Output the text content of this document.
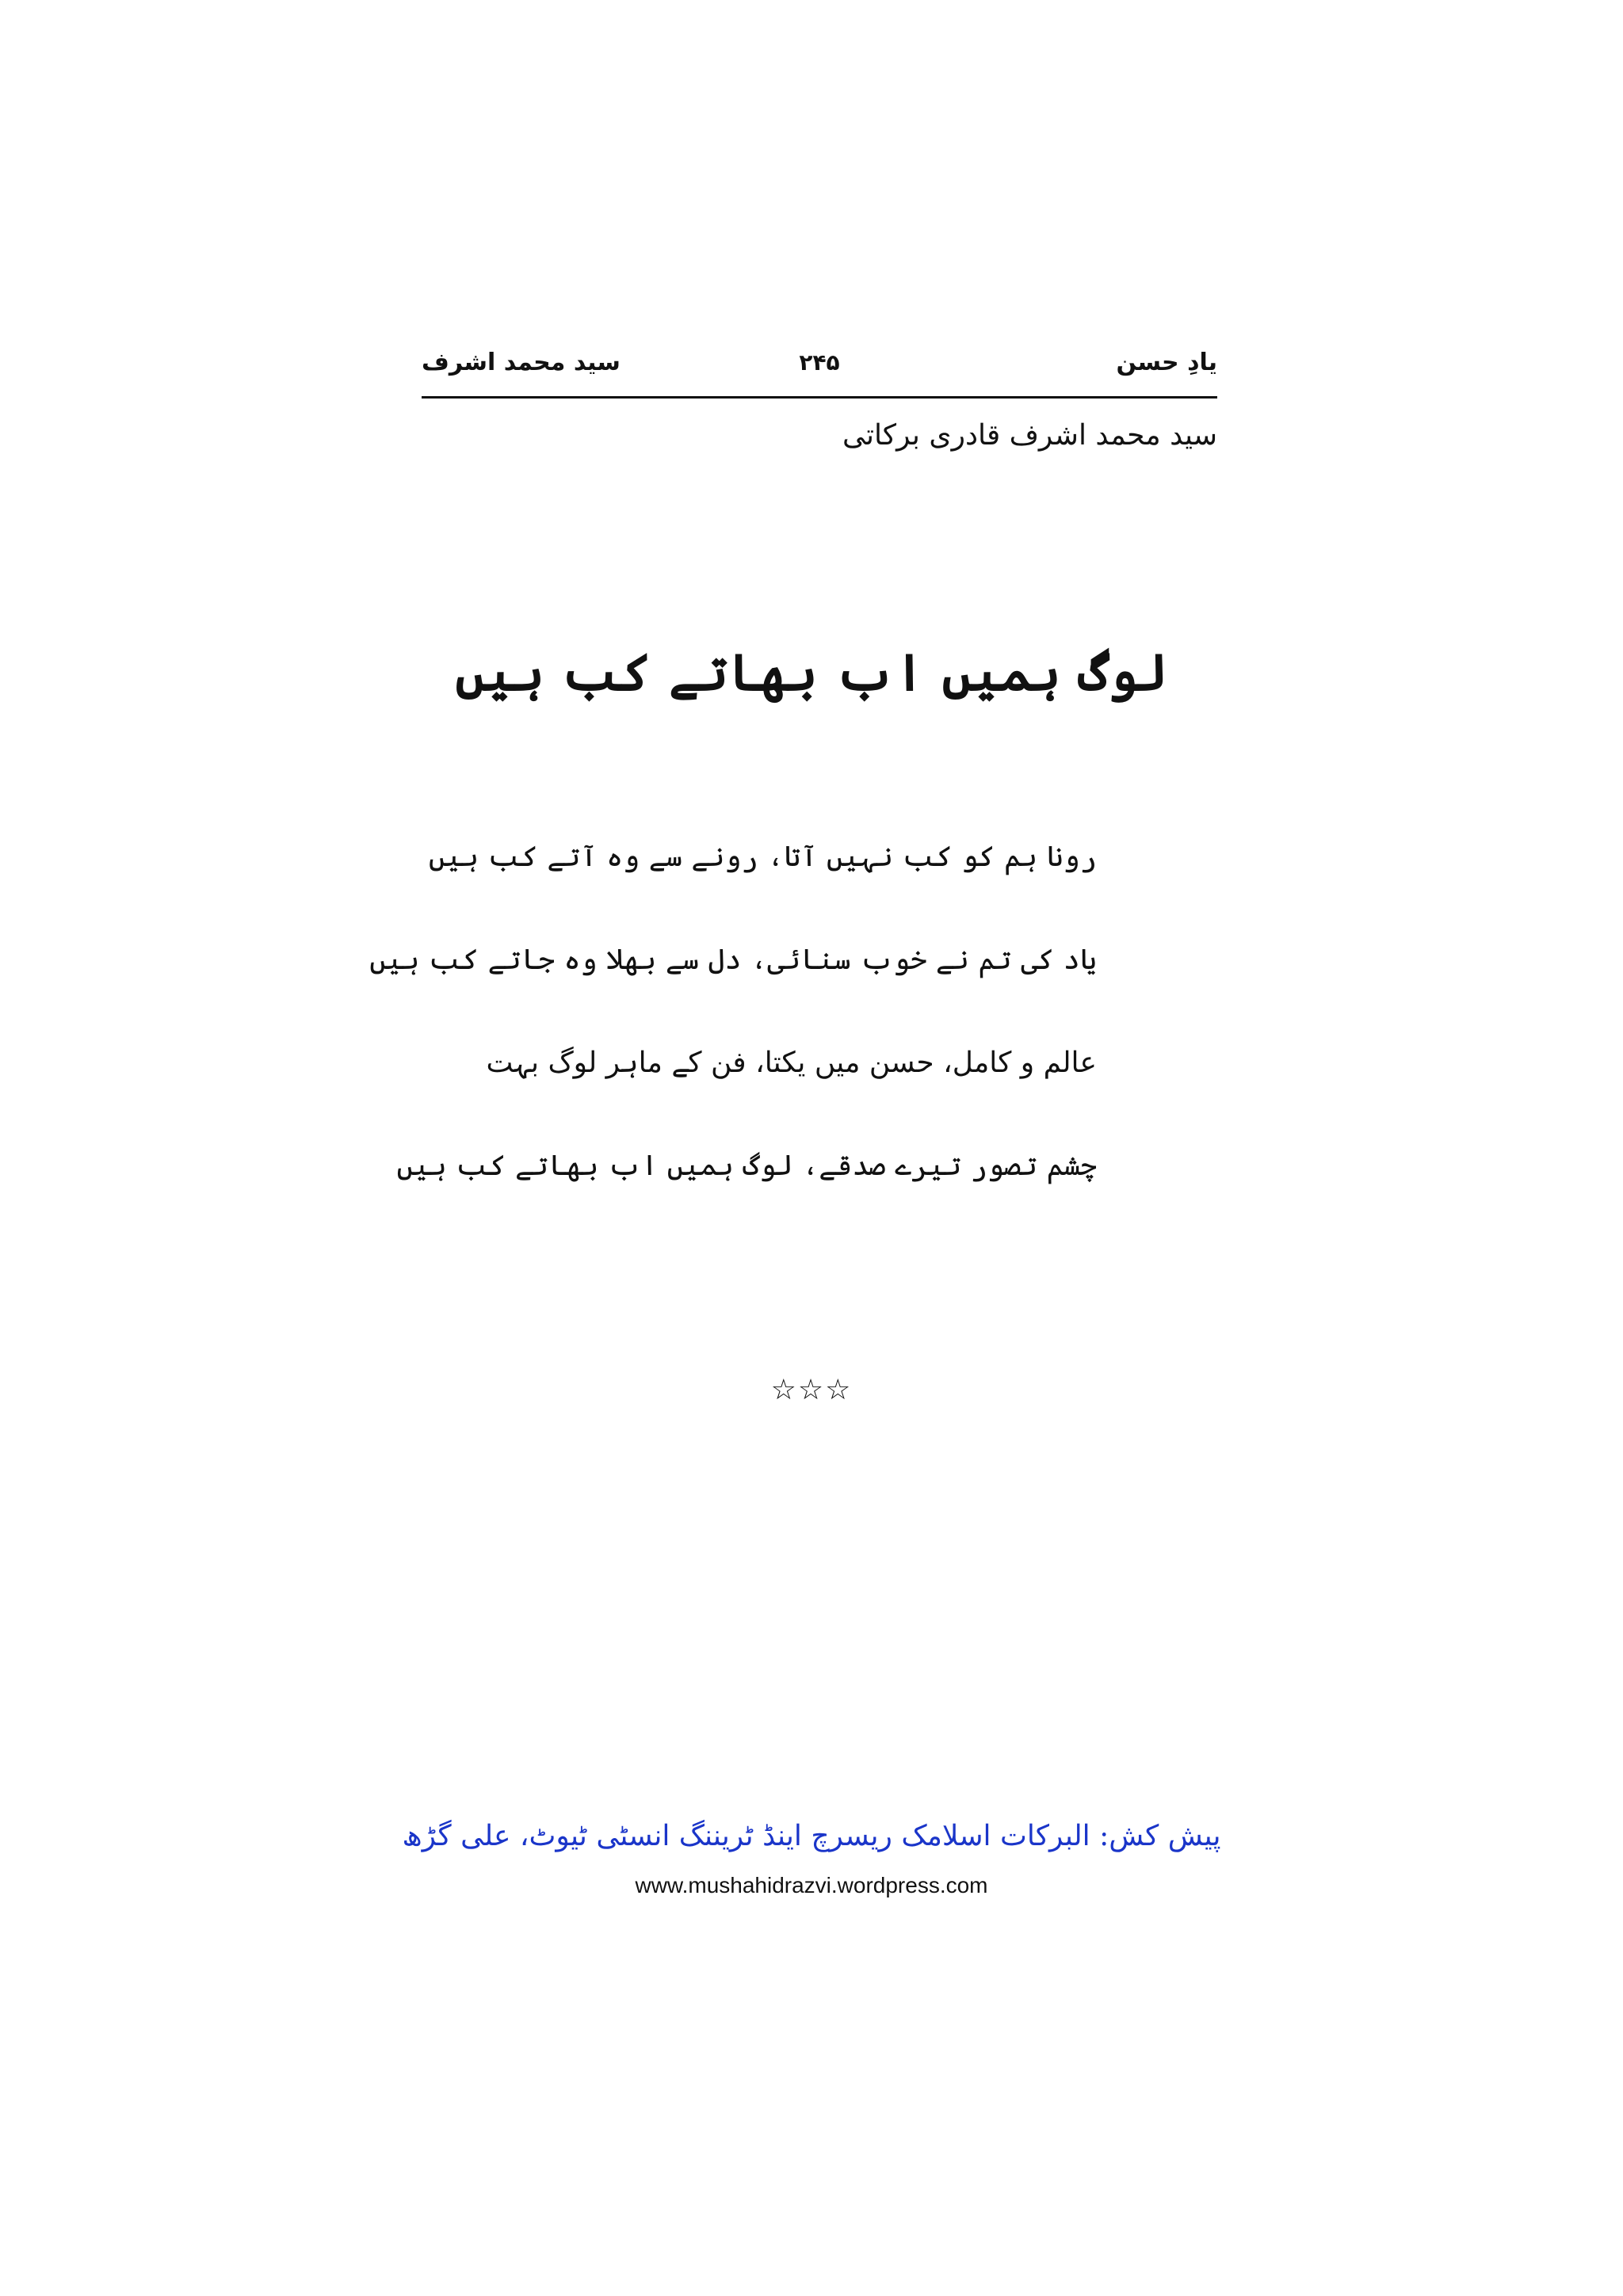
یادِ حسن
۲۴۵
سید محمد اشرف
سید محمد اشرف قادری برکاتی
لوگ ہمیں اب بھاتے کب ہیں
رونا ہم کو کب نہیں آتا، رونے سے وہ آتے کب ہیں
یاد کی تم نے خوب سنائی، دل سے بھلا وہ جاتے کب ہیں
عالم و کامل، حسن میں یکتا، فن کے ماہر لوگ بہت
چشم تصور تیرے صدقے، لوگ ہمیں اب بھاتے کب ہیں
☆☆☆
پیش کش: البرکات اسلامک ریسرچ اینڈ ٹریننگ انسٹی ٹیوٹ، علی گڑھ
www.mushahidrazvi.wordpress.com
